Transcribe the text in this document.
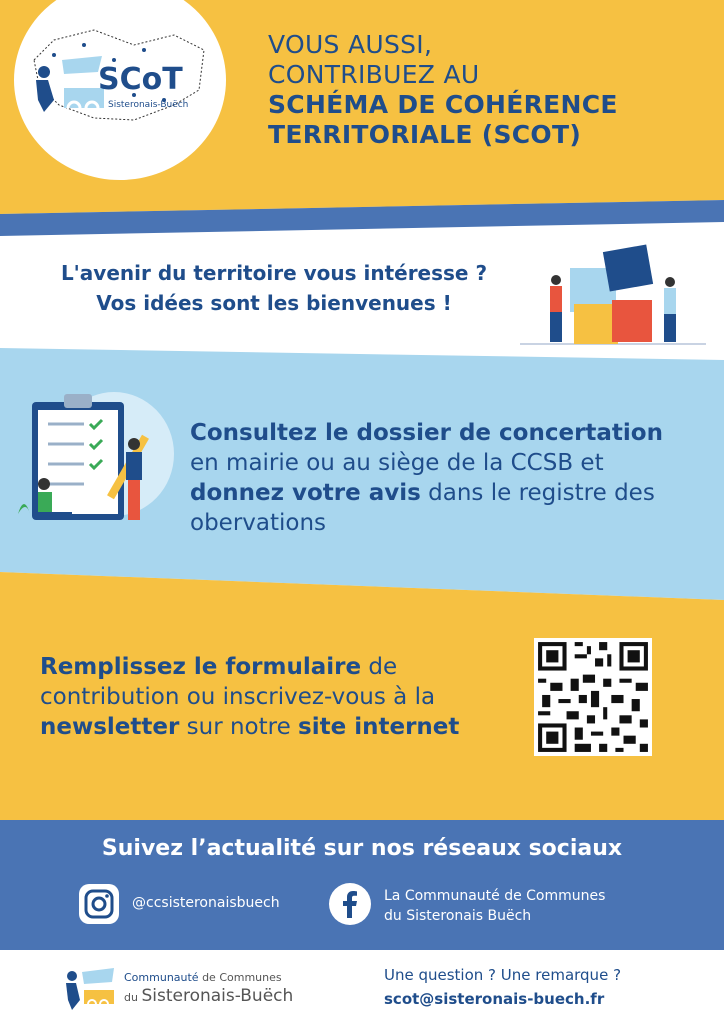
SCoT
Sisteronais-Buëch
VOUS AUSSI,
CONTRIBUEZ AU
SCHÉMA DE COHÉRENCE
TERRITORIALE (SCOT)
L'avenir du territoire vous intéresse ?
Vos idées sont les bienvenues !
Consultez le dossier de concertation
en mairie ou au siège de la CCSB et
donnez votre avis dans le registre des
obervations
Remplissez le formulaire de
contribution ou inscrivez-vous à la
newsletter sur notre site internet
Suivez l’actualité sur nos réseaux sociaux
@ccsisteronaisbuech	La Communauté de Communes
du Sisteronais Buëch
Communauté de Communes
du Sisteronais-Buëch
Une question ? Une remarque ?
scot@sisteronais-buech.fr
